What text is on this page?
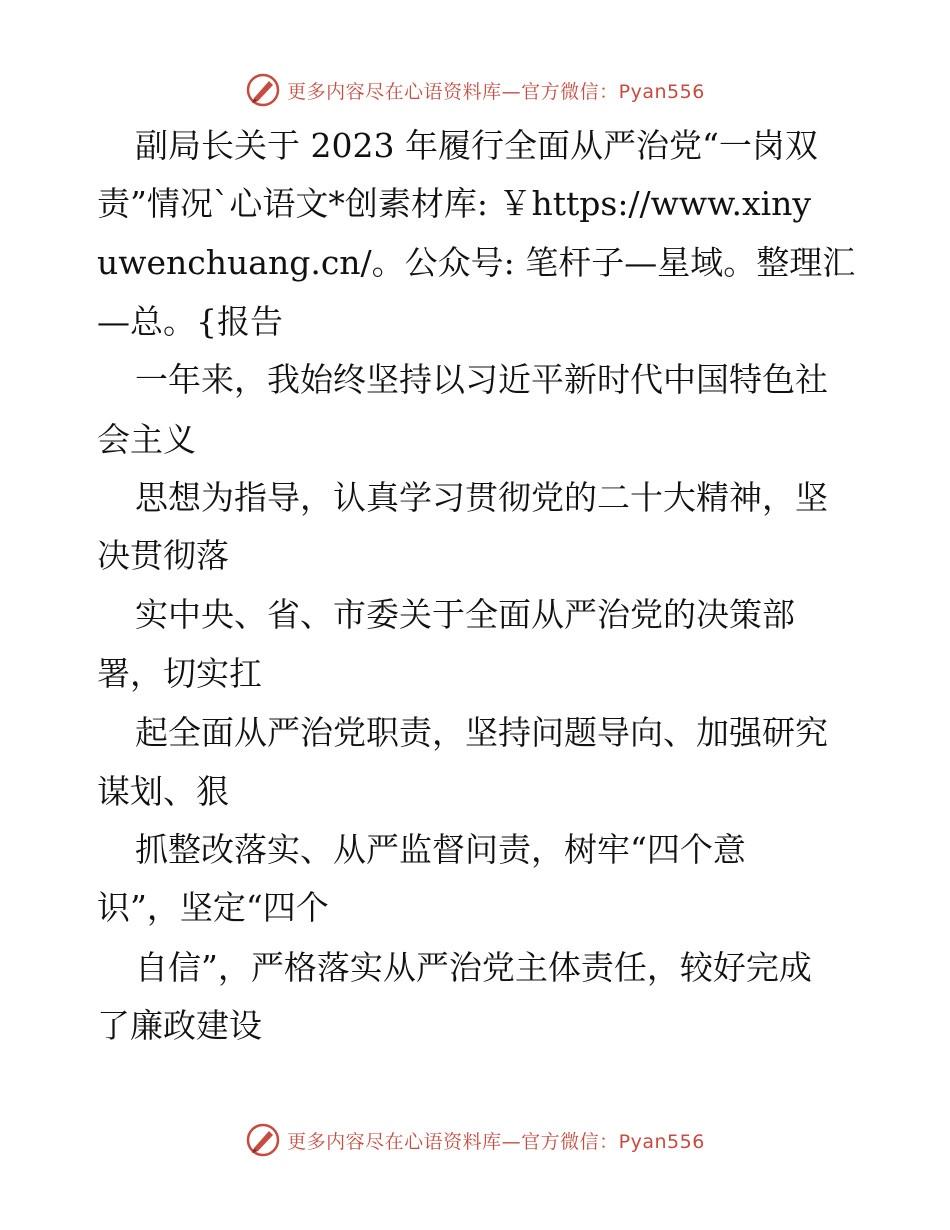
更多内容尽在心语资料库—官方微信：Pyan556
副局长关于 2023 年履行全面从严治党“一岗双
责”情况`心语文*创素材库: ￥https://www.xiny
uwenchuang.cn/。公众号: 笔杆子—星域。整理汇
—总。{报告
一年来，我始终坚持以习近平新时代中国特色社
会主义
思想为指导，认真学习贯彻党的二十大精神，坚
决贯彻落
实中央、省、市委关于全面从严治党的决策部
署，切实扛
起全面从严治党职责，坚持问题导向、加强研究
谋划、狠
抓整改落实、从严监督问责，树牢“四个意
识”，坚定“四个
自信”，严格落实从严治党主体责任，较好完成
了廉政建设
更多内容尽在心语资料库—官方微信：Pyan556
